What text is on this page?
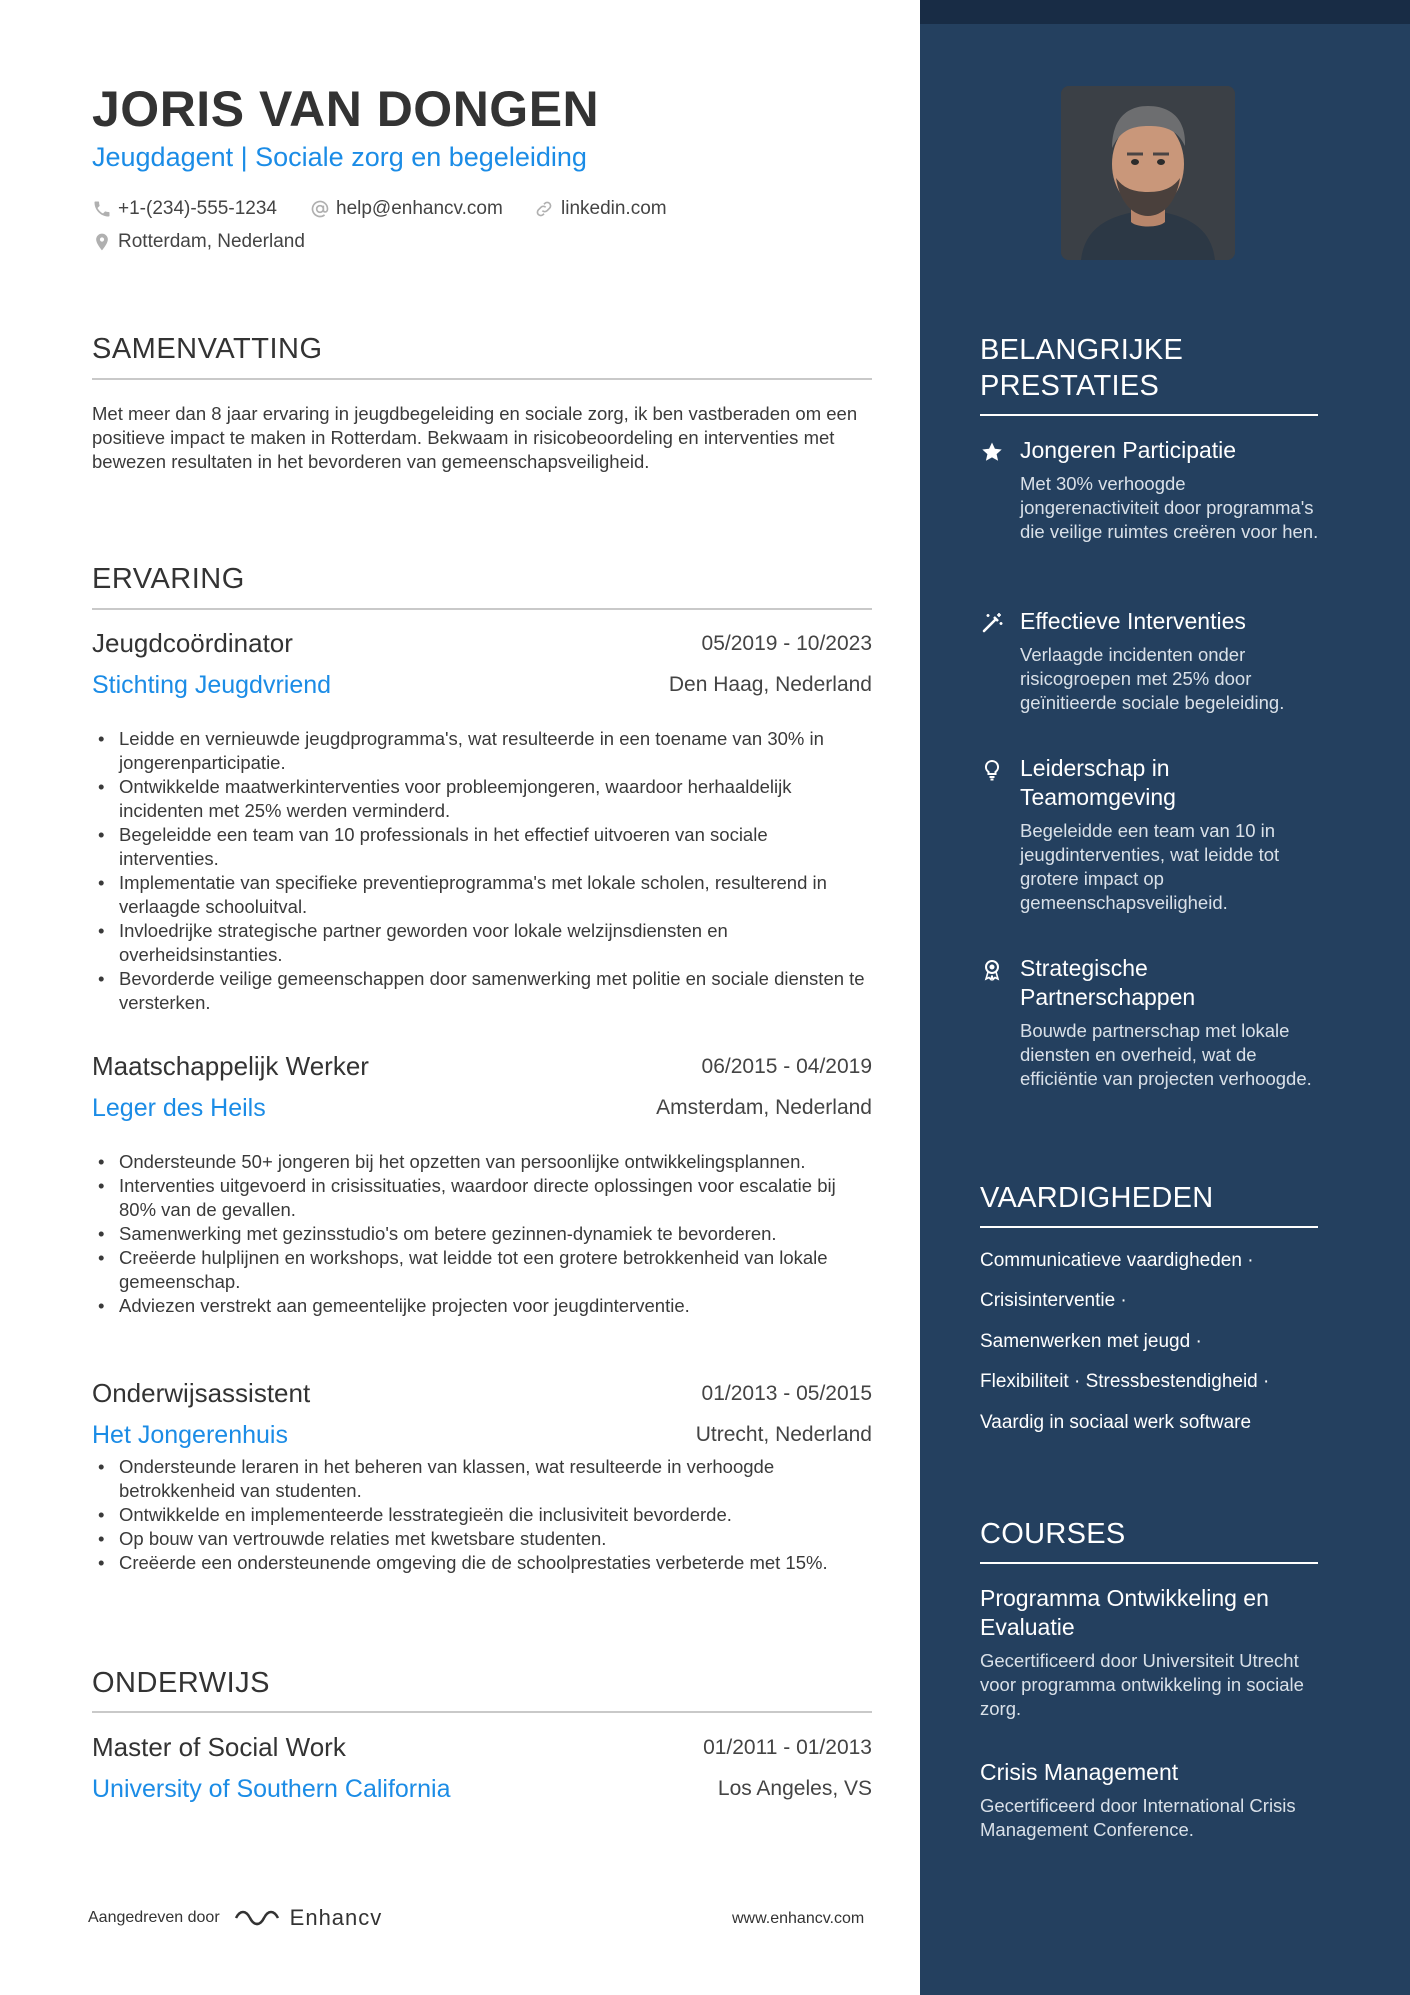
JORIS VAN DONGEN
Jeugdagent | Sociale zorg en begeleiding
+1-(234)-555-1234	help@enhancv.com	linkedin.com
Rotterdam, Nederland
SAMENVATTING
Met meer dan 8 jaar ervaring in jeugdbegeleiding en sociale zorg, ik ben vastberaden om een positieve impact te maken in Rotterdam. Bekwaam in risicobeoordeling en interventies met bewezen resultaten in het bevorderen van gemeenschapsveiligheid.
ERVARING
Jeugdcoördinator	05/2019 - 10/2023
Stichting Jeugdvriend	Den Haag, Nederland
• Leidde en vernieuwde jeugdprogramma's, wat resulteerde in een toename van 30% in jongerenparticipatie.
• Ontwikkelde maatwerkinterventies voor probleemjongeren, waardoor herhaaldelijk incidenten met 25% werden verminderd.
• Begeleidde een team van 10 professionals in het effectief uitvoeren van sociale interventies.
• Implementatie van specifieke preventieprogramma's met lokale scholen, resulterend in verlaagde schooluitval.
• Invloedrijke strategische partner geworden voor lokale welzijnsdiensten en overheidsinstanties.
• Bevorderde veilige gemeenschappen door samenwerking met politie en sociale diensten te versterken.
Maatschappelijk Werker	06/2015 - 04/2019
Leger des Heils	Amsterdam, Nederland
• Ondersteunde 50+ jongeren bij het opzetten van persoonlijke ontwikkelingsplannen.
• Interventies uitgevoerd in crisissituaties, waardoor directe oplossingen voor escalatie bij 80% van de gevallen.
• Samenwerking met gezinsstudio's om betere gezinnen-dynamiek te bevorderen.
• Creëerde hulplijnen en workshops, wat leidde tot een grotere betrokkenheid van lokale gemeenschap.
• Adviezen verstrekt aan gemeentelijke projecten voor jeugdinterventie.
Onderwijsassistent	01/2013 - 05/2015
Het Jongerenhuis	Utrecht, Nederland
• Ondersteunde leraren in het beheren van klassen, wat resulteerde in verhoogde betrokkenheid van studenten.
• Ontwikkelde en implementeerde lesstrategieën die inclusiviteit bevorderde.
• Op bouw van vertrouwde relaties met kwetsbare studenten.
• Creëerde een ondersteunende omgeving die de schoolprestaties verbeterde met 15%.
ONDERWIJS
Master of Social Work	01/2011 - 01/2013
University of Southern California	Los Angeles, VS
Aangedreven door	Enhancv	www.enhancv.com
BELANGRIJKE PRESTATIES
Jongeren Participatie
Met 30% verhoogde jongerenactiviteit door programma's die veilige ruimtes creëren voor hen.
Effectieve Interventies
Verlaagde incidenten onder risicogroepen met 25% door geïnitieerde sociale begeleiding.
Leiderschap in Teamomgeving
Begeleidde een team van 10 in jeugdinterventies, wat leidde tot grotere impact op gemeenschapsveiligheid.
Strategische Partnerschappen
Bouwde partnerschap met lokale diensten en overheid, wat de efficiëntie van projecten verhoogde.
VAARDIGHEDEN
Communicatieve vaardigheden ·
Crisisinterventie ·
Samenwerken met jeugd ·
Flexibiliteit · Stressbestendigheid ·
Vaardig in sociaal werk software
COURSES
Programma Ontwikkeling en Evaluatie
Gecertificeerd door Universiteit Utrecht voor programma ontwikkeling in sociale zorg.
Crisis Management
Gecertificeerd door International Crisis Management Conference.
